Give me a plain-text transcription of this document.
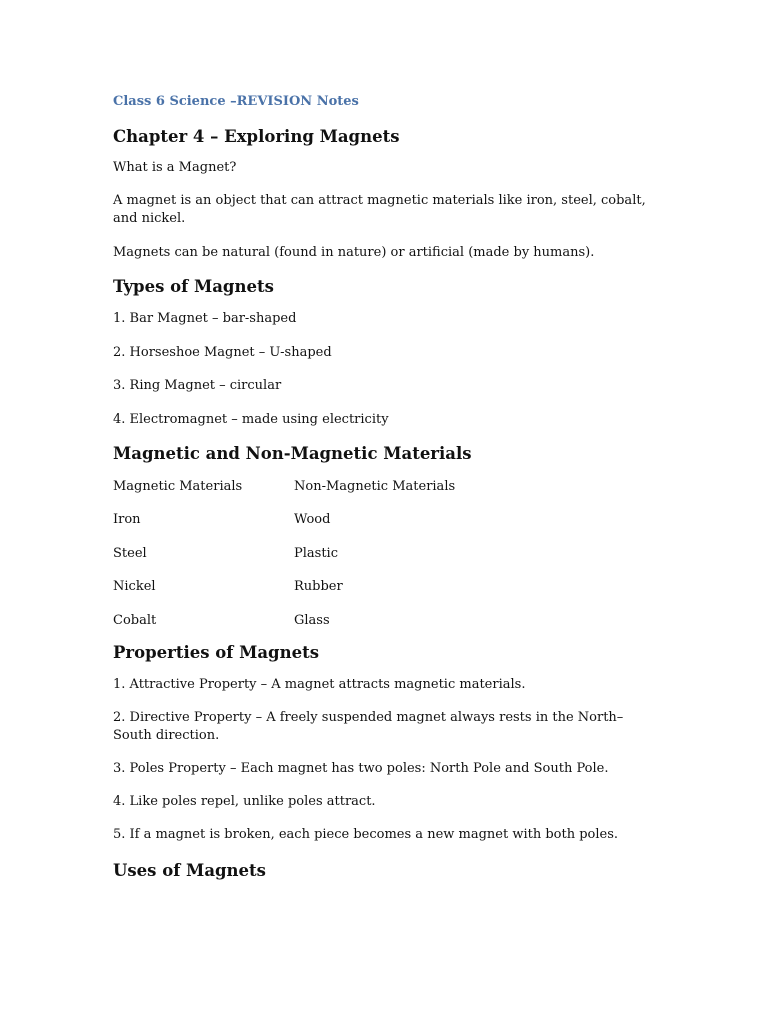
Class 6 Science –REVISION Notes
Chapter 4 – Exploring Magnets

What is a Magnet?

A magnet is an object that can attract magnetic materials like iron, steel, cobalt, and nickel.

Magnets can be natural (found in nature) or artificial (made by humans).

Types of Magnets

1. Bar Magnet – bar-shaped

2. Horseshoe Magnet – U-shaped

3. Ring Magnet – circular

4. Electromagnet – made using electricity

Magnetic and Non-Magnetic Materials
Magnetic Materials	Non-Magnetic Materials
Iron	Wood
Steel	Plastic
Nickel	Rubber
Cobalt	Glass
Properties of Magnets

1. Attractive Property – A magnet attracts magnetic materials.

2. Directive Property – A freely suspended magnet always rests in the North–South direction.

3. Poles Property – Each magnet has two poles: North Pole and South Pole.

4. Like poles repel, unlike poles attract.

5. If a magnet is broken, each piece becomes a new magnet with both poles.

Uses of Magnets
